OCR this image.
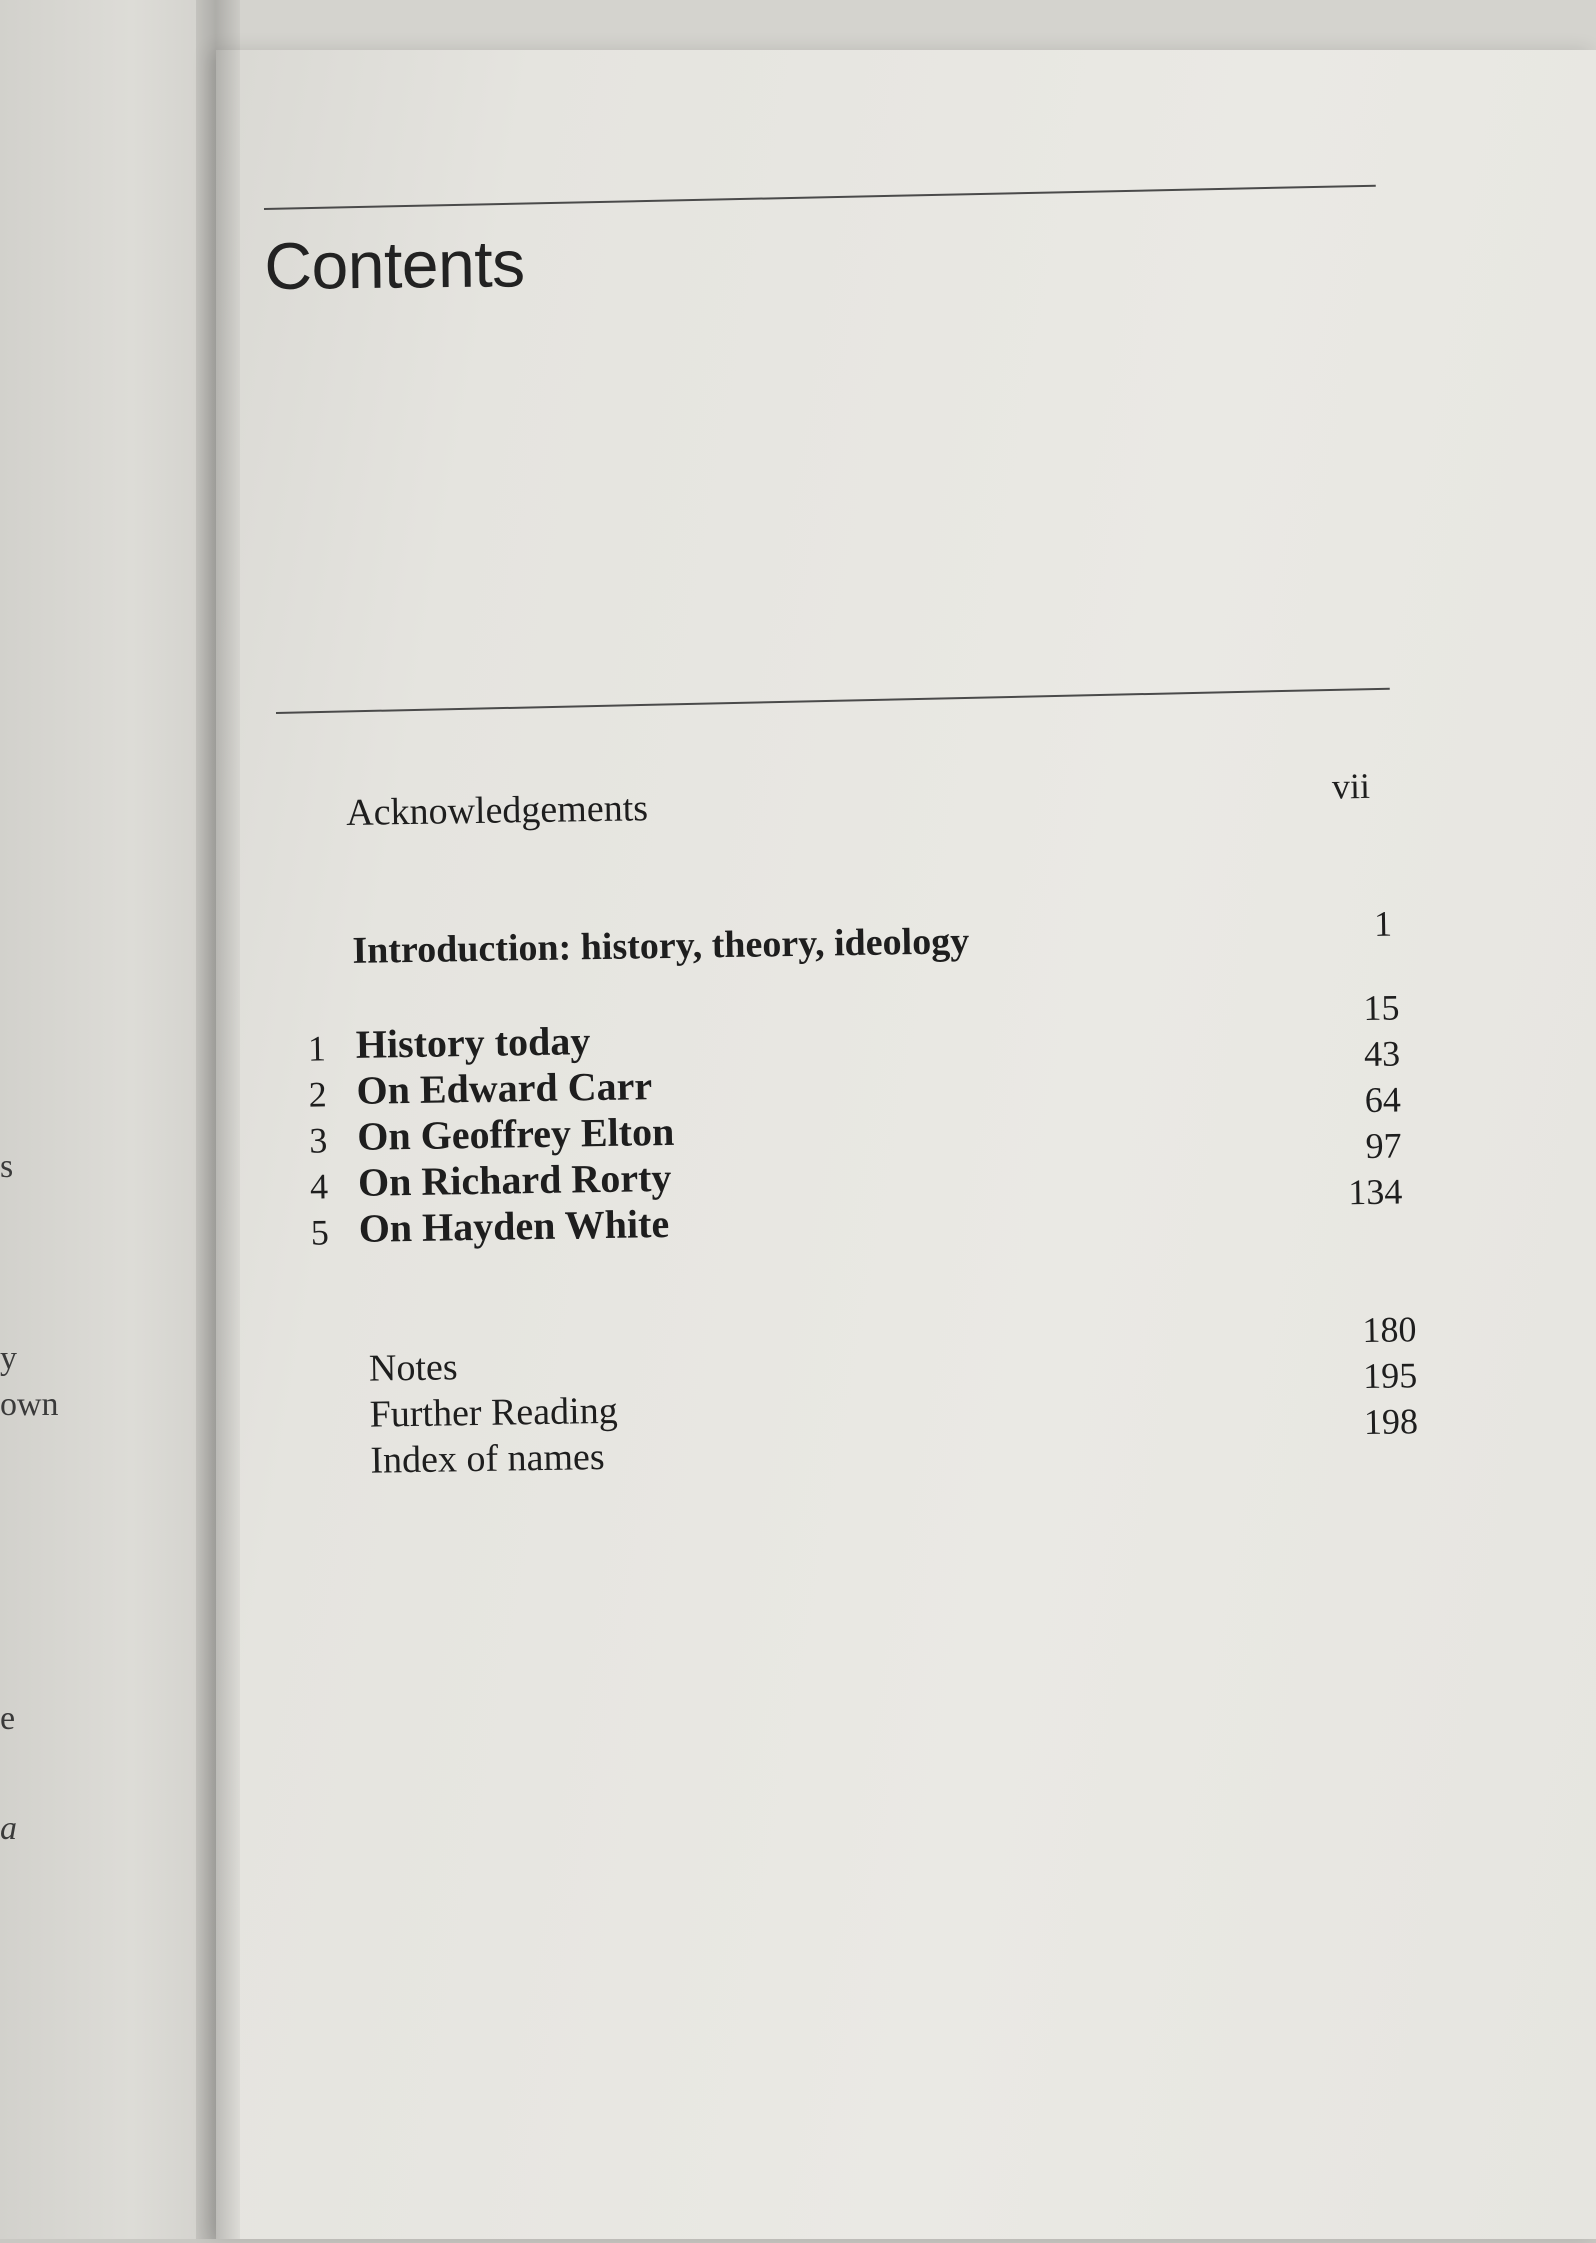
s
y
own
e
a
Contents
Acknowledgements
vii
Introduction: history, theory, ideology	1
1 History today
15
2 On Edward Carr
43
3 On Geoffrey Elton
64
4 On Richard Rorty
97
5 On Hayden White
134
Notes
180
Further Reading
195
Index of names
198
